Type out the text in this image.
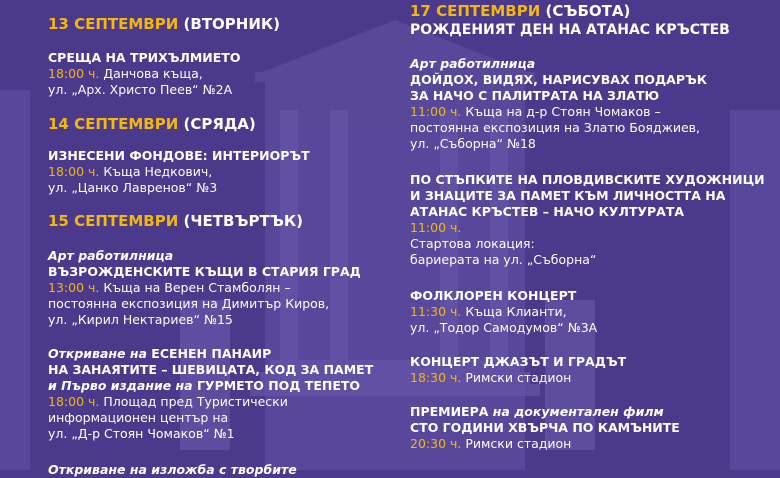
13 СЕПТЕМВРИ (ВТОРНИК)
СРЕЩА НА ТРИХЪЛМИЕТО
18:00 ч. Данчова къща,
ул. „Арх. Христо Пеев“ №2А
14 СЕПТЕМВРИ (СРЯДА)
ИЗНЕСЕНИ ФОНДОВЕ: ИНТЕРИОРЪТ
18:00 ч. Къща Недкович,
ул. „Цанко Лавренов“ №3
15 СЕПТЕМВРИ (ЧЕТВЪРТЪК)
Арт работилница
ВЪЗРОЖДЕНСКИТЕ КЪЩИ В СТАРИЯ ГРАД
13:00 ч. Къща на Верен Стамболян –
постоянна експозиция на Димитър Киров,
ул. „Кирил Нектариев“ №15
Откриване на ЕСЕНЕН ПАНАИР
НА ЗАНАЯТИТЕ – ШЕВИЦАТА, КОД ЗА ПАМЕТ
и Първо издание на ГУРМЕТО ПОД ТЕПЕТО
18:00 ч. Площад пред Туристически
информационен център на
ул. „Д-р Стоян Чомаков“ №1
Откриване на изложба с творбите
17 СЕПТЕМВРИ (СЪБОТА)
РОЖДЕНИЯТ ДЕН НА АТАНАС КРЪСТЕВ
Арт работилница
ДОЙДОХ, ВИДЯХ, НАРИСУВАХ ПОДАРЪК
ЗА НАЧО С ПАЛИТРАТА НА ЗЛАТЮ
11:00 ч. Къща на д-р Стоян Чомаков –
постоянна експозиция на Златю Бояджиев,
ул. „Съборна“ №18
ПО СТЪПКИТЕ НА ПЛОВДИВСКИТЕ ХУДОЖНИЦИ
И ЗНАЦИТЕ ЗА ПАМЕТ КЪМ ЛИЧНОСТТА НА
АТАНАС КРЪСТЕВ – НАЧО КУЛТУРАТА
11:00 ч.
Стартова локация:
бариерата на ул. „Съборна“
ФОЛКЛОРЕН КОНЦЕРТ
11:30 ч. Къща Клианти,
ул. „Тодор Самодумов“ №3А
КОНЦЕРТ ДЖАЗЪТ И ГРАДЪТ
18:30 ч. Римски стадион
ПРЕМИЕРА на документален филм
СТО ГОДИНИ ХВЪРЧА ПО КАМЪНИТЕ
20:30 ч. Римски стадион
